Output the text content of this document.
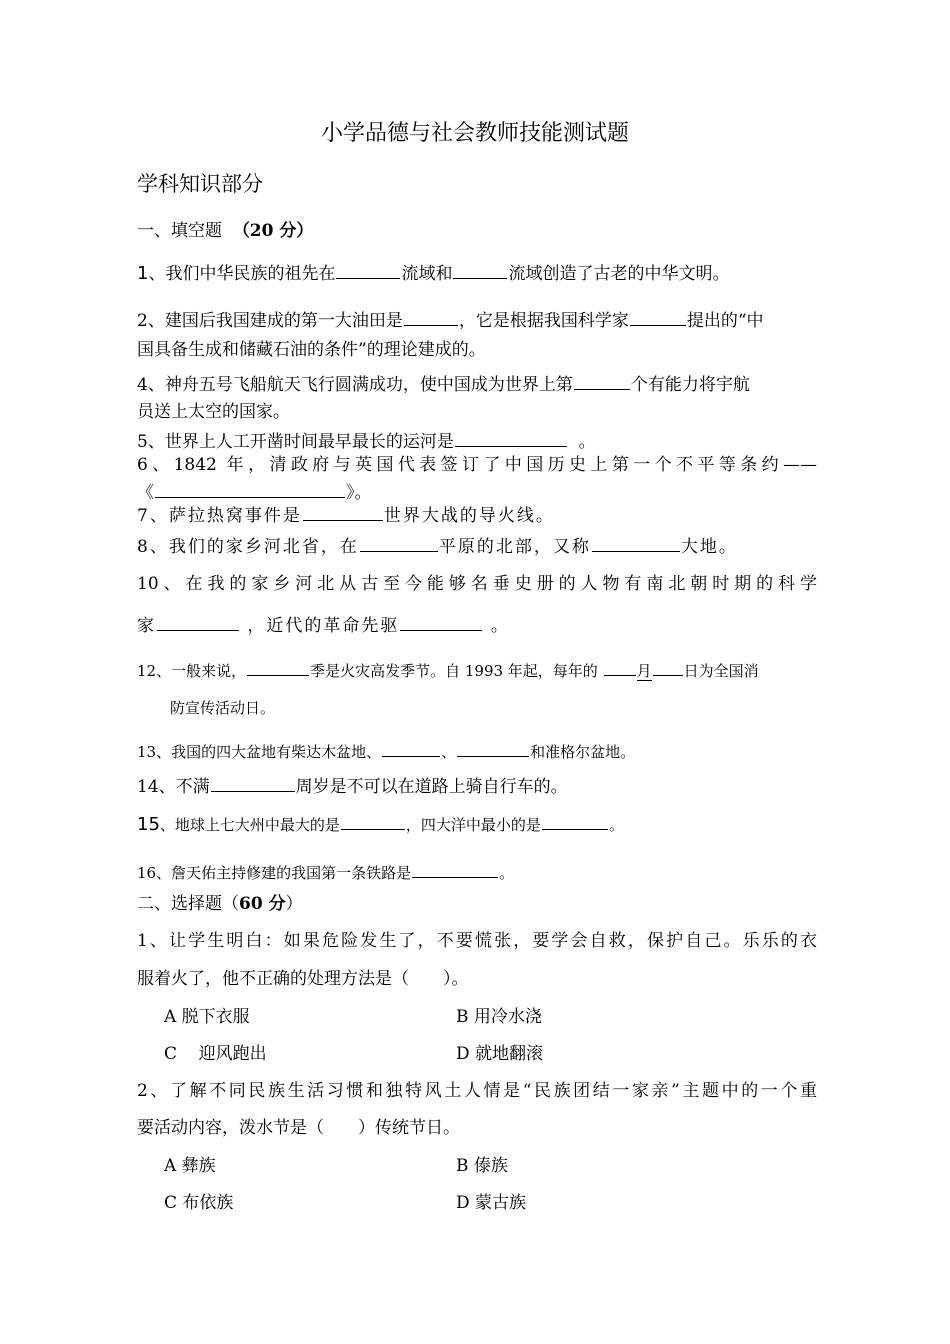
小学品德与社会教师技能测试题
学科知识部分
一、填空题 （20 分）
1、我们中华民族的祖先在	流域和	流域创造了古老的中华文明。
2、建国后我国建成的第一大油田是	，它是根据我国科学家	提出的“中
国具备生成和储藏石油的条件”的理论建成的。
4、神舟五号飞船航天飞行圆满成功，使中国成为世界上第	个有能力将宇航
员送上太空的国家。
5、世界上人工开凿时间最早最长的运河是	。
6、1842 年，清政府与英国代表签订了中国历史上第一个不平等条约——
《	》。
7、萨拉热窝事件是	世界大战的导火线。
8、我们的家乡河北省，在	平原的北部，又称	大地。
10、在我的家乡河北从古至今能够名垂史册的人物有南北朝时期的科学
家	，近代的革命先驱	。
12、一般来说，	季是火灾高发季节。自 1993 年起，每年的	月 日为全国消
防宣传活动日。
13、我国的四大盆地有柴达木盆地、	、	和准格尔盆地。
14、不满	周岁是不可以在道路上骑自行车的。
15、地球上七大州中最大的是	，四大洋中最小的是	。
16、詹天佑主持修建的我国第一条铁路是	。
二、选择题（60 分）
1、让学生明白：如果危险发生了，不要慌张，要学会自救，保护自己。乐乐的衣
服着火了，他不正确的处理方法是（　　）。
A 脱下衣服	B 用冷水浇
C    迎风跑出	D 就地翻滚
2、了解不同民族生活习惯和独特风土人情是“民族团结一家亲”主题中的一个重
要活动内容，泼水节是（　　）传统节日。
A 彝族	B 傣族
C 布依族	D 蒙古族
